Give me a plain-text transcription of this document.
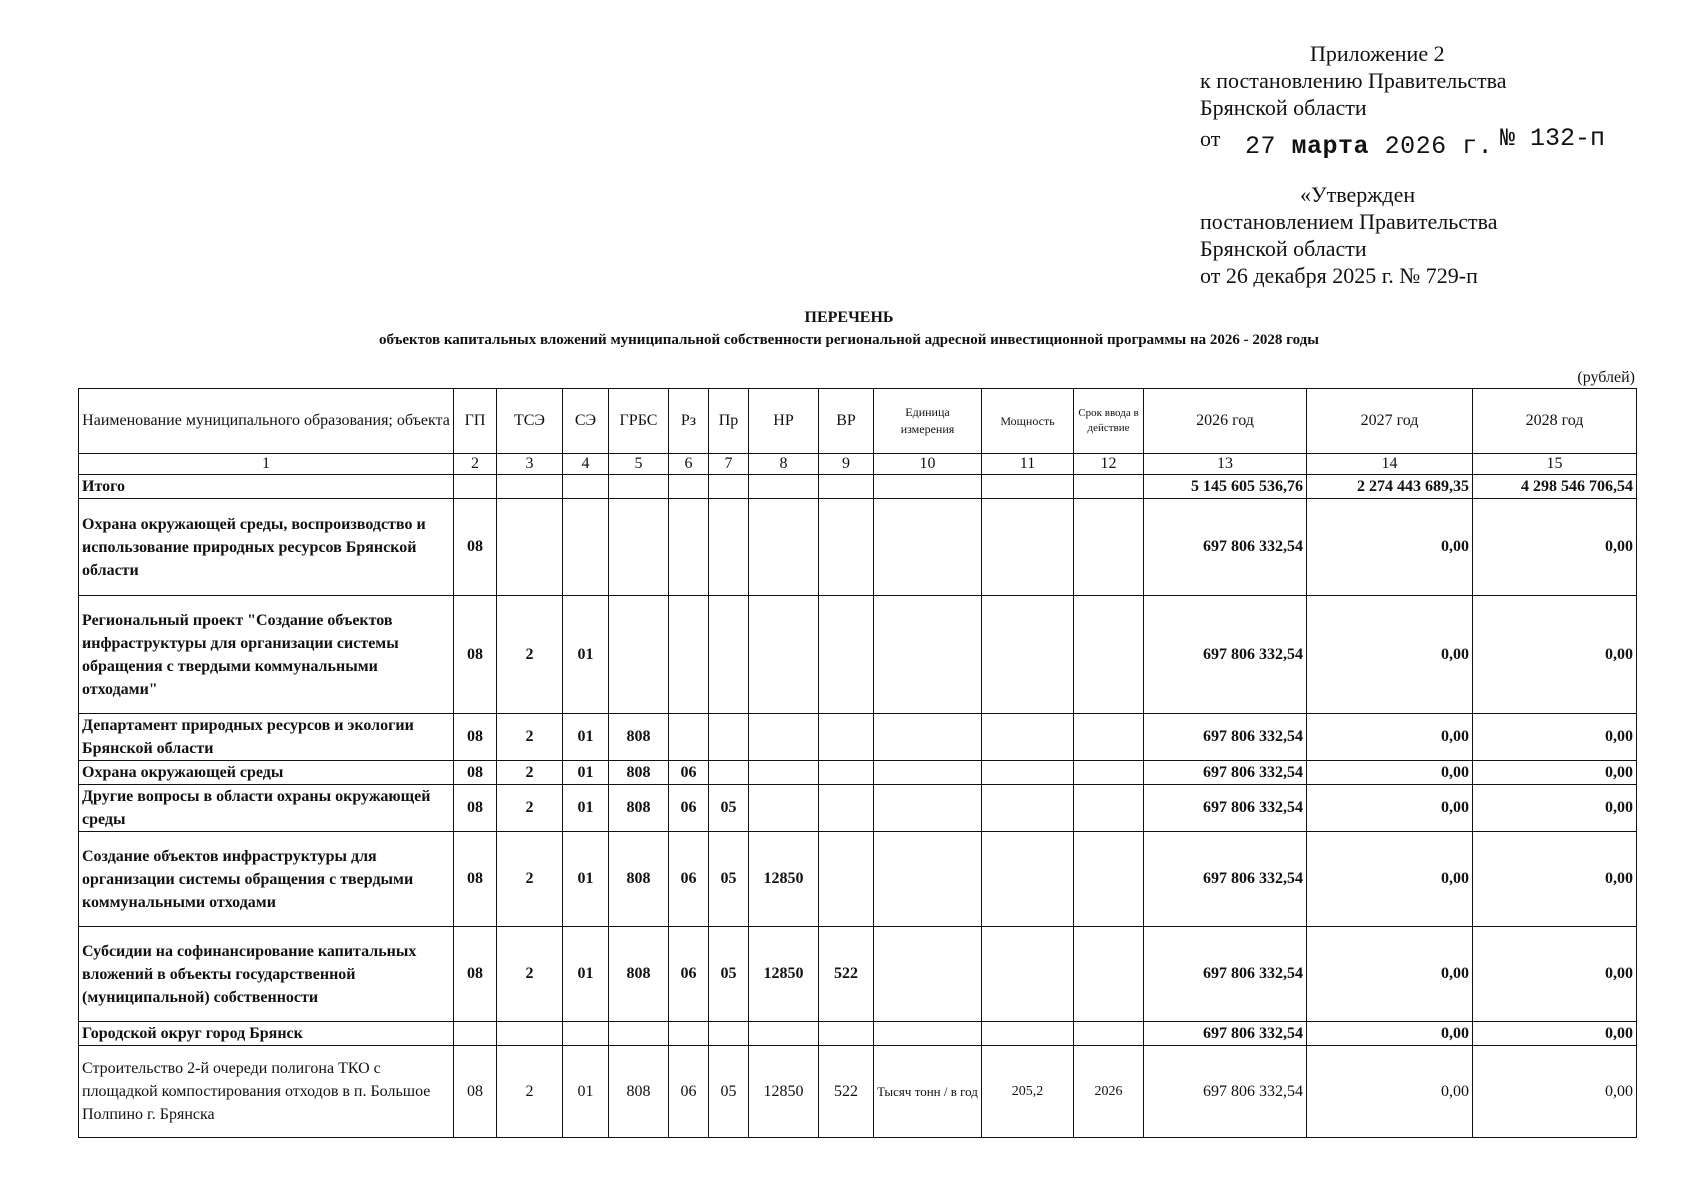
Приложение 2
к постановлению Правительства
Брянской области
от 27 марта 2026 г. № 132-п
«Утвержден
постановлением Правительства
Брянской области
от 26 декабря 2025 г. № 729-п
ПЕРЕЧЕНЬ
объектов капитальных вложений муниципальной собственности региональной адресной инвестиционной программы на 2026 - 2028 годы
(рублей)
Наименование муниципального образования; объекта	ГП	ТСЭ	СЭ	ГРБС	Рз	Пр	НР	ВР	Единица измерения	Мощность	Срок ввода в действие	2026 год	2027 год	2028 год
1	2	3	4	5	6	7	8	9	10	11	12	13	14	15
Итого												5 145 605 536,76	2 274 443 689,35	4 298 546 706,54
Охрана окружающей среды, воспроизводство и использование природных ресурсов Брянской области	08											697 806 332,54	0,00	0,00
Региональный проект "Создание объектов инфраструктуры для организации системы обращения с твердыми коммунальными отходами"	08	2	01									697 806 332,54	0,00	0,00
Департамент природных ресурсов и экологии Брянской области	08	2	01	808								697 806 332,54	0,00	0,00
Охрана окружающей среды	08	2	01	808	06							697 806 332,54	0,00	0,00
Другие вопросы в области охраны окружающей среды	08	2	01	808	06	05						697 806 332,54	0,00	0,00
Создание объектов инфраструктуры для организации системы обращения с твердыми коммунальными отходами	08	2	01	808	06	05	12850					697 806 332,54	0,00	0,00
Субсидии на софинансирование капитальных вложений в объекты государственной (муниципальной) собственности	08	2	01	808	06	05	12850	522				697 806 332,54	0,00	0,00
Городской округ город Брянск												697 806 332,54	0,00	0,00
Строительство 2-й очереди полигона ТКО с площадкой компостирования отходов в п. Большое Полпино г. Брянска	08	2	01	808	06	05	12850	522	Тысяч тонн / в год	205,2	2026	697 806 332,54	0,00	0,00
